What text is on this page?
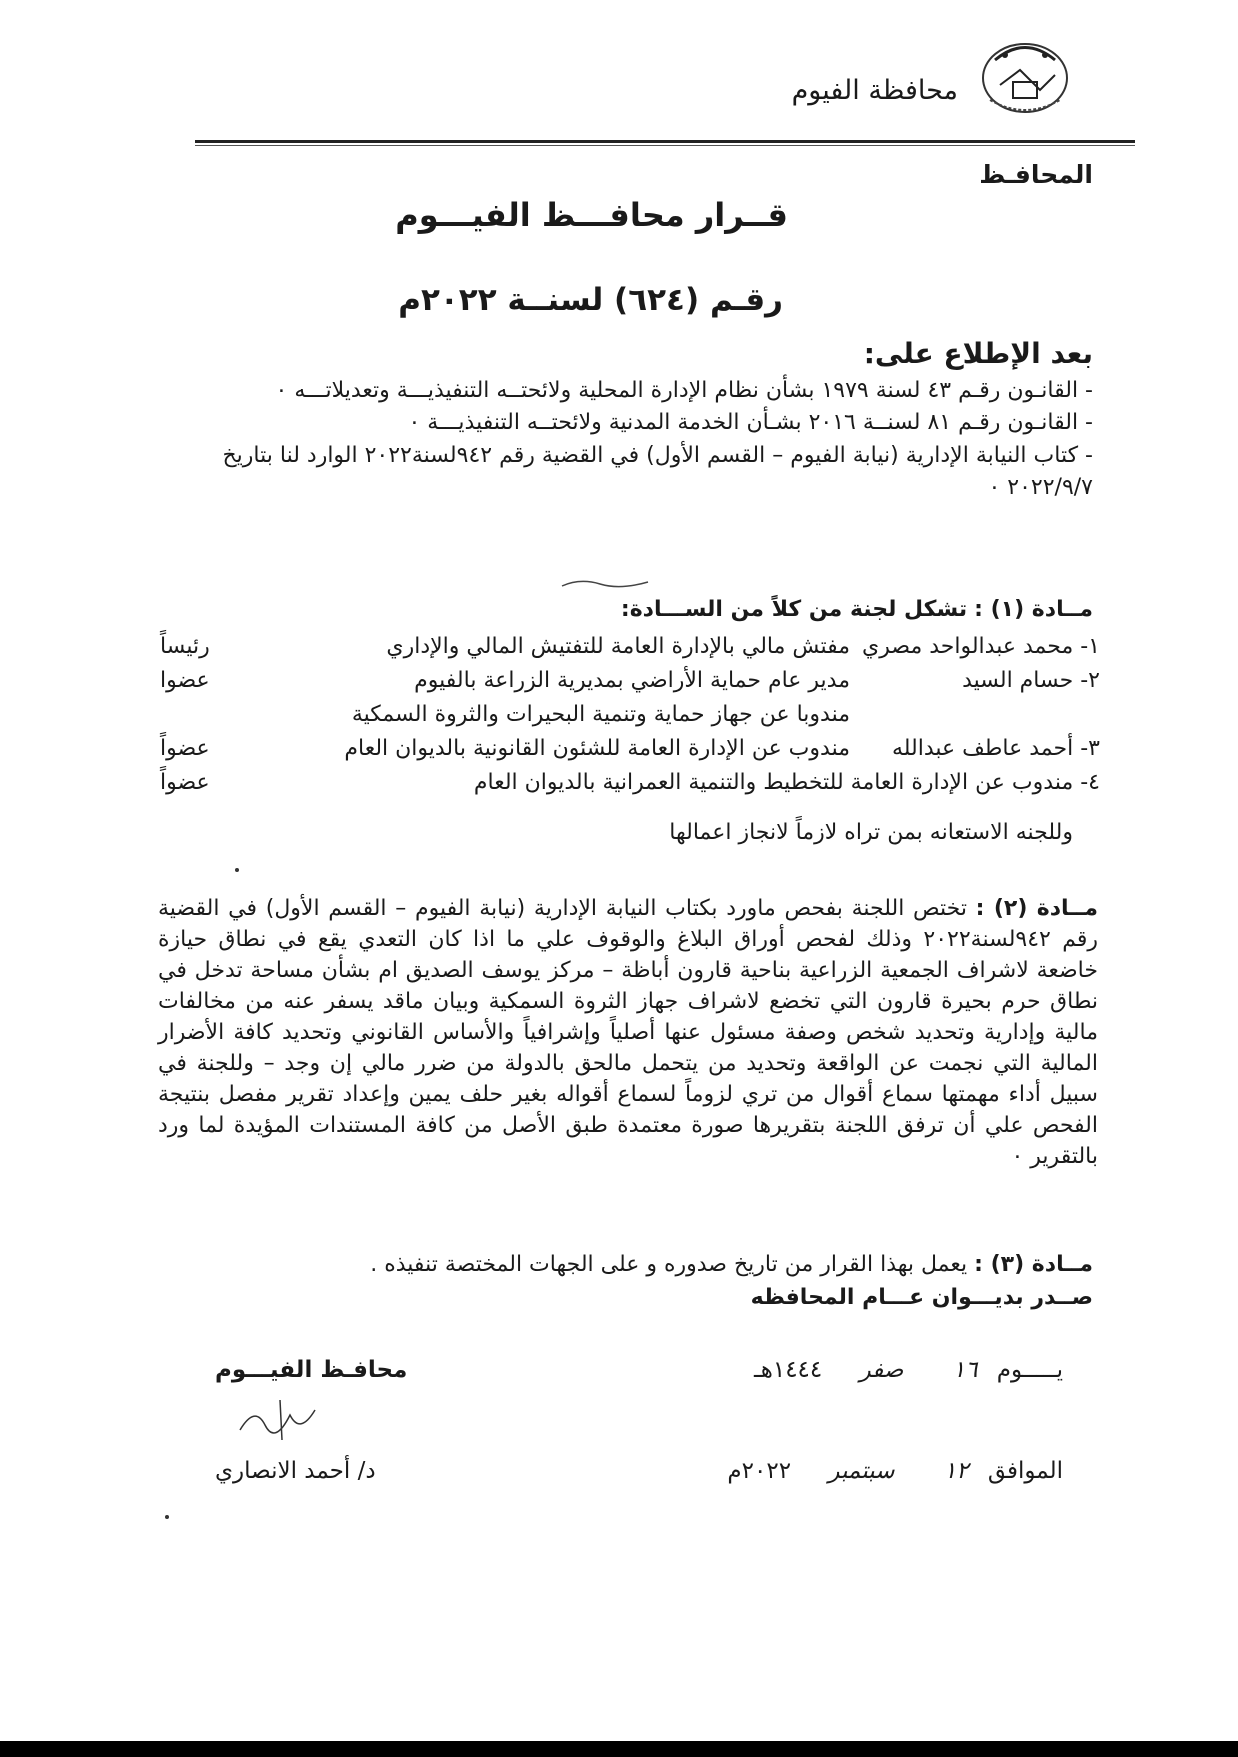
محافظة الفيوم
المحافـظ
قــرار محافـــظ الفيـــوم
رقـم (٦٢٤) لسنــة ٢٠٢٢م
بعد الإطلاع على:
- القانـون رقـم ٤٣ لسنة ١٩٧٩ بشأن نظام الإدارة المحلية ولائحتــه التنفيذيـــة وتعديلاتـــه ٠
- القانـون رقـم ٨١ لسنــة ٢٠١٦ بشـأن الخدمة المدنية ولائحتــه التنفيذيـــة ٠
- كتاب النيابة الإدارية (نيابة الفيوم – القسم الأول) في القضية رقم ٩٤٢لسنة٢٠٢٢ الوارد لنا بتاريخ
٢٠٢٢/٩/٧ ٠
مــادة (١) : تشكل لجنة من كلاً من الســـادة:
١- محمد عبدالواحد مصري
مفتش مالي بالإدارة العامة للتفتيش المالي والإداري
رئيساً
٢- حسام السيد
مدير عام حماية الأراضي بمديرية الزراعة بالفيوم
عضوا
مندوبا عن جهاز حماية وتنمية البحيرات والثروة السمكية
٣- أحمد عاطف عبدالله
مندوب عن الإدارة العامة للشئون القانونية بالديوان العام
عضواً
٤- مندوب عن الإدارة العامة للتخطيط والتنمية العمرانية بالديوان العام
عضواً
وللجنه الاستعانه بمن تراه لازماً لانجاز اعمالها
مــادة (٢) : تختص اللجنة بفحص ماورد بكتاب النيابة الإدارية (نيابة الفيوم – القسم الأول) في القضية رقم ٩٤٢لسنة٢٠٢٢ وذلك لفحص أوراق البلاغ والوقوف علي ما اذا كان التعدي يقع في نطاق حيازة خاضعة لاشراف الجمعية الزراعية بناحية قارون أباظة – مركز يوسف الصديق ام بشأن مساحة تدخل في نطاق حرم بحيرة قارون التي تخضع لاشراف جهاز الثروة السمكية وبيان ماقد يسفر عنه من مخالفات مالية وإدارية وتحديد شخص وصفة مسئول عنها أصلياً وإشرافياً والأساس القانوني وتحديد كافة الأضرار المالية التي نجمت عن الواقعة وتحديد من يتحمل مالحق بالدولة من ضرر مالي إن وجد – وللجنة في سبيل أداء مهمتها سماع أقوال من تري لزوماً لسماع أقواله بغير حلف يمين وإعداد تقرير مفصل بنتيجة الفحص علي أن ترفق اللجنة بتقريرها صورة معتمدة طبق الأصل من كافة المستندات المؤيدة لما ورد بالتقرير ٠
مــادة (٣) : يعمل بهذا القرار من تاريخ صدوره و على الجهات المختصة تنفيذه .
صــدر بديـــوان عـــام المحافظه
يـــــوم ١٦ صفر ١٤٤٤هـ
الموافق ١٢ سبتمبر ٢٠٢٢م
محافـظ الفيـــوم
د/ أحمد الانصاري
